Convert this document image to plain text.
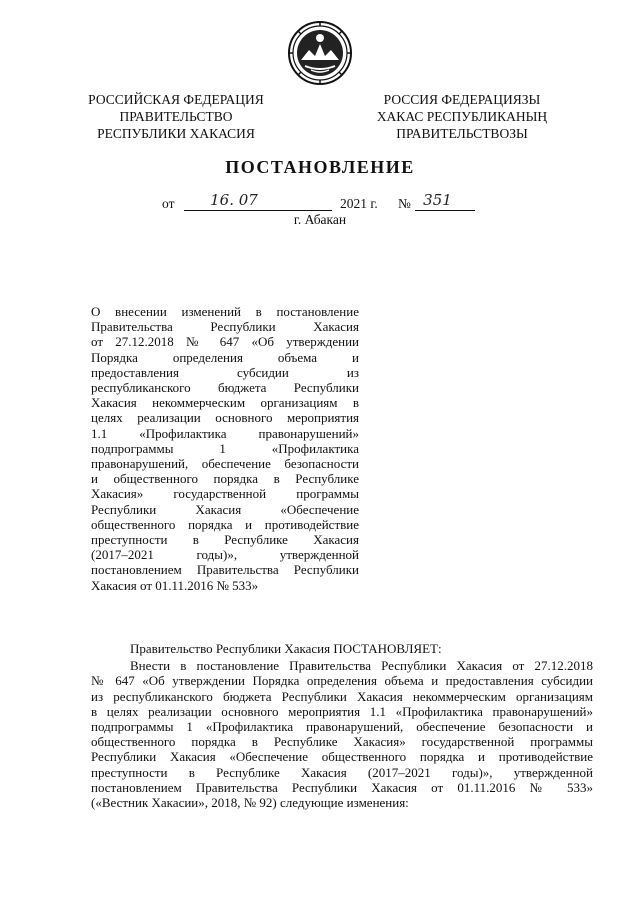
РОССИЙСКАЯ ФЕДЕРАЦИЯ
ПРАВИТЕЛЬСТВО
РЕСПУБЛИКИ ХАКАСИЯ
РОССИЯ ФЕДЕРАЦИЯЗЫ
ХАКАС РЕСПУБЛИКАНЫҢ
ПРАВИТЕЛЬСТВОЗЫ
ПОСТАНОВЛЕНИЕ
от	16. 07	2021 г. № 351
г. Абакан
О внесении изменений в постановление
Правительства Республики Хакасия
от 27.12.2018 № 647 «Об утверждении
Порядка определения объема и
предоставления субсидии из
республиканского бюджета Республики
Хакасия некоммерческим организациям в
целях реализации основного мероприятия
1.1 «Профилактика правонарушений»
подпрограммы 1 «Профилактика
правонарушений, обеспечение безопасности
и общественного порядка в Республике
Хакасия» государственной программы
Республики Хакасия «Обеспечение
общественного порядка и противодействие
преступности в Республике Хакасия
(2017–2021 годы)», утвержденной
постановлением Правительства Республики
Хакасия от 01.11.2016 № 533»
Правительство Республики Хакасия ПОСТАНОВЛЯЕТ:
Внести в постановление Правительства Республики Хакасия от 27.12.2018
№ 647 «Об утверждении Порядка определения объема и предоставления субсидии
из республиканского бюджета Республики Хакасия некоммерческим организациям
в целях реализации основного мероприятия 1.1 «Профилактика правонарушений»
подпрограммы 1 «Профилактика правонарушений, обеспечение безопасности и
общественного порядка в Республике Хакасия» государственной программы
Республики Хакасия «Обеспечение общественного порядка и противодействие
преступности в Республике Хакасия (2017–2021 годы)», утвержденной
постановлением Правительства Республики Хакасия от 01.11.2016 № 533»
(«Вестник Хакасии», 2018, № 92) следующие изменения:
